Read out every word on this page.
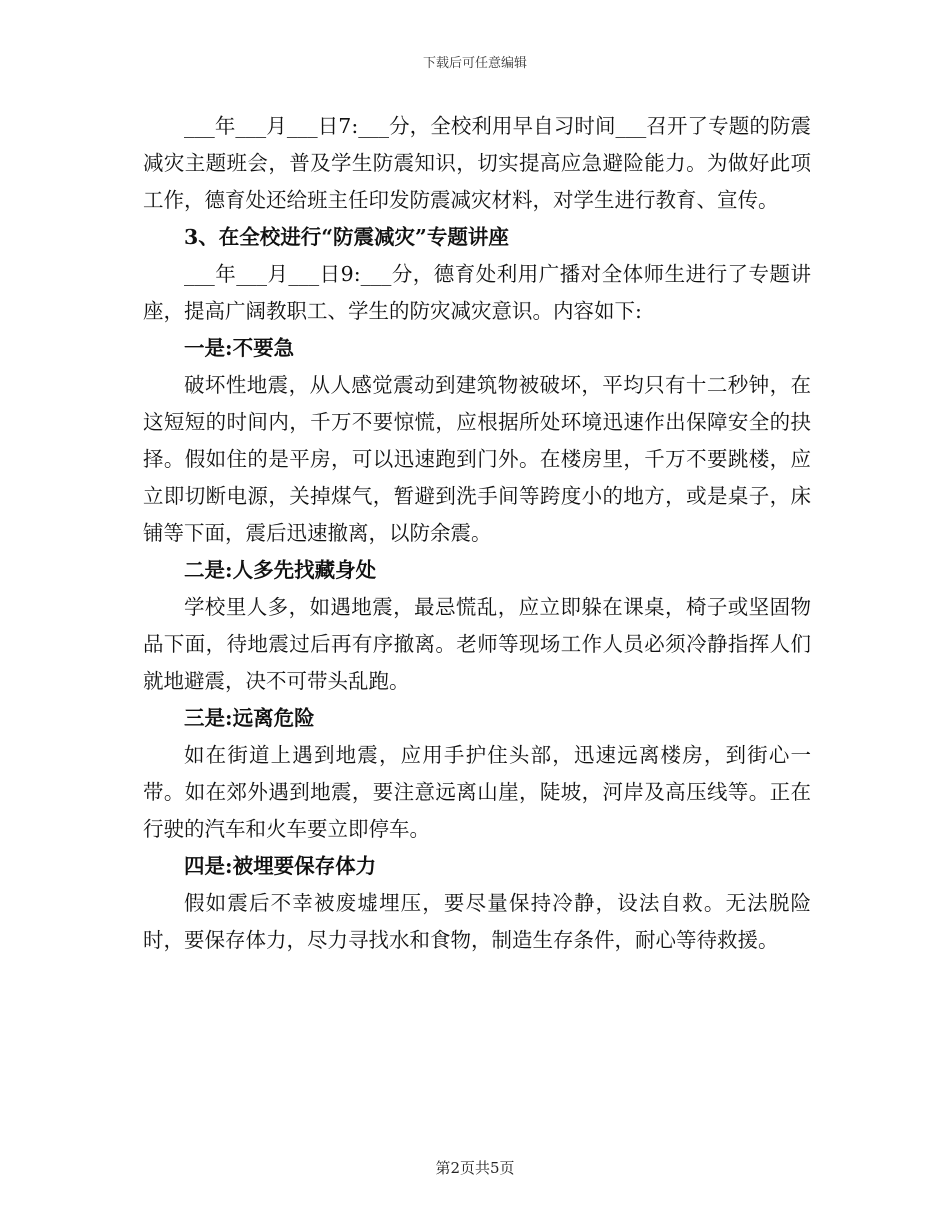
下载后可任意编辑

___年___月___日7:___分，全校利用早自习时间___召开了专题的防震减灾主题班会，普及学生防震知识，切实提高应急避险能力。为做好此项工作，德育处还给班主任印发防震减灾材料，对学生进行教育、宣传。

3、在全校进行“防震减灾”专题讲座

___年___月___日9:___分，德育处利用广播对全体师生进行了专题讲座，提高广阔教职工、学生的防灾减灾意识。内容如下:

一是:不要急

破坏性地震，从人感觉震动到建筑物被破坏，平均只有十二秒钟，在这短短的时间内，千万不要惊慌，应根据所处环境迅速作出保障安全的抉择。假如住的是平房，可以迅速跑到门外。在楼房里，千万不要跳楼，应立即切断电源，关掉煤气，暂避到洗手间等跨度小的地方，或是桌子，床铺等下面，震后迅速撤离，以防余震。

二是:人多先找藏身处

学校里人多，如遇地震，最忌慌乱，应立即躲在课桌，椅子或坚固物品下面，待地震过后再有序撤离。老师等现场工作人员必须冷静指挥人们就地避震，决不可带头乱跑。

三是:远离危险

如在街道上遇到地震，应用手护住头部，迅速远离楼房，到街心一带。如在郊外遇到地震，要注意远离山崖，陡坡，河岸及高压线等。正在行驶的汽车和火车要立即停车。

四是:被埋要保存体力

假如震后不幸被废墟埋压，要尽量保持冷静，设法自救。无法脱险时，要保存体力，尽力寻找水和食物，制造生存条件，耐心等待救援。

第2页共5页
